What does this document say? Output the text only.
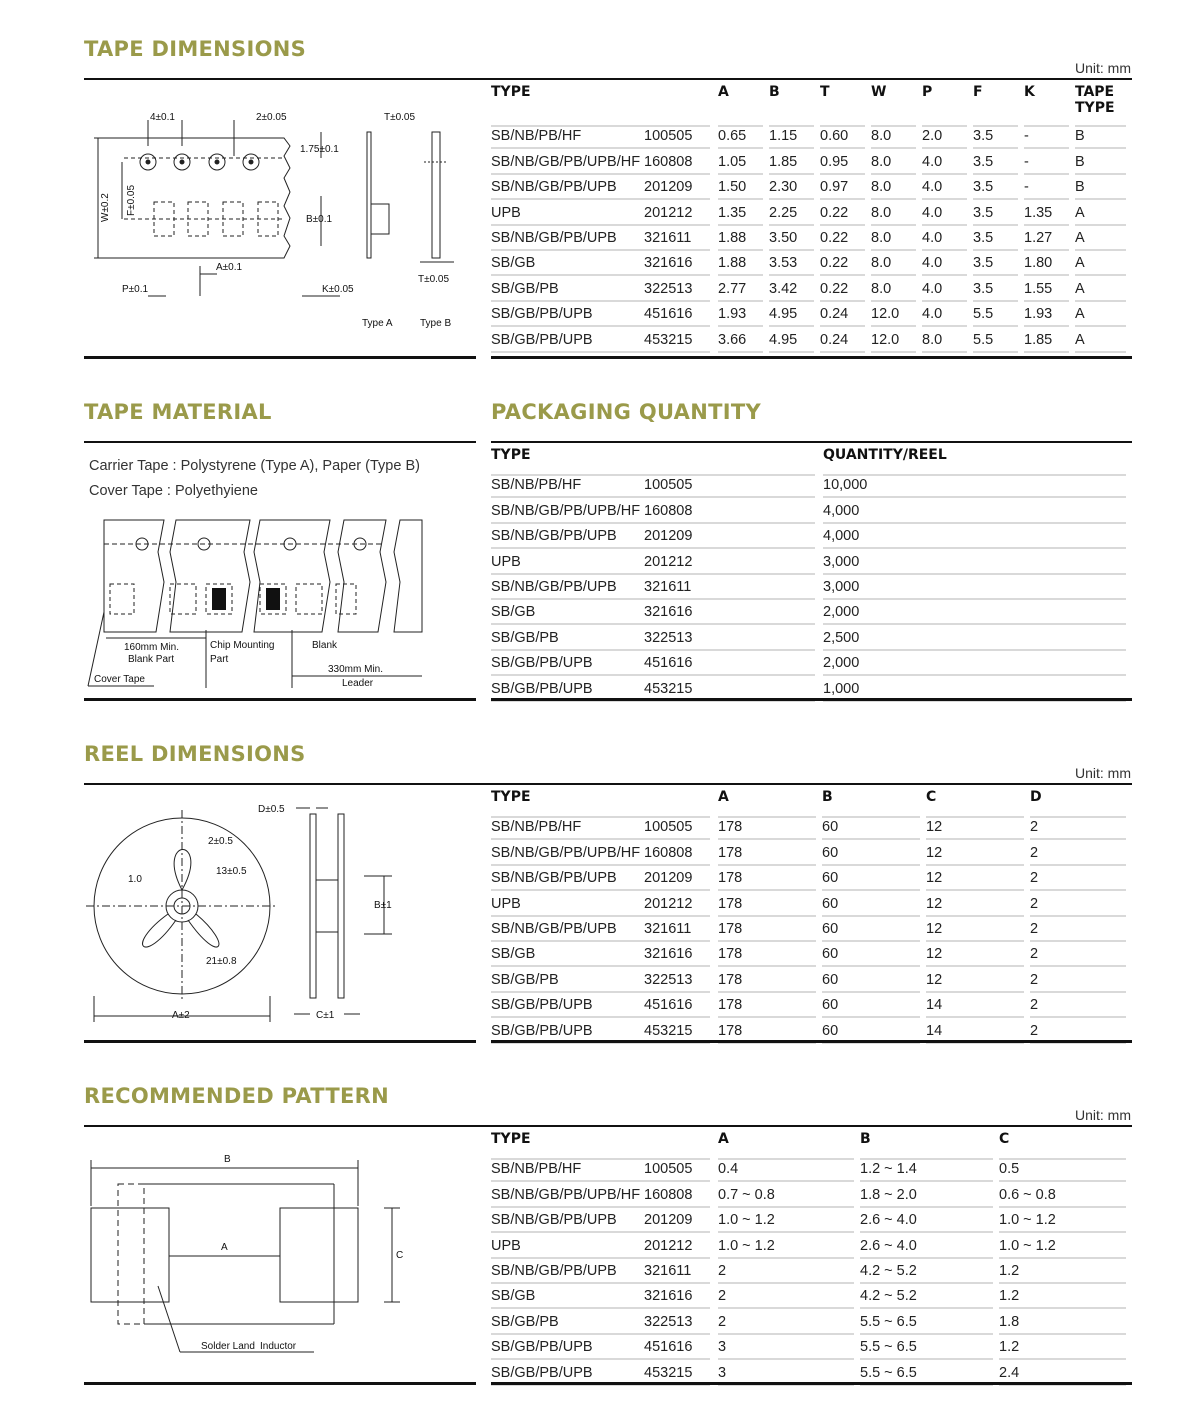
TAPE DIMENSIONS
Unit: mm
4±0.1	2±0.05	T±0.05
1.75±0.1
W±0.2 F±0.05
B±0.1
A±0.1
P±0.1	K±0.05
T±0.05
Type A	Type B
TYPE		A	B	T	W	P	F	K	TAPE TYPE

SB/NB/PB/HF	100505	0.65	1.15	0.60	8.0	2.0	3.5	-	B

SB/NB/GB/PB/UPB/HF	160808	1.05	1.85	0.95	8.0	4.0	3.5	-	B

SB/NB/GB/PB/UPB	201209	1.50	2.30	0.97	8.0	4.0	3.5	-	B

UPB	201212	1.35	2.25	0.22	8.0	4.0	3.5	1.35	A

SB/NB/GB/PB/UPB	321611	1.88	3.50	0.22	8.0	4.0	3.5	1.27	A

SB/GB	321616	1.88	3.53	0.22	8.0	4.0	3.5	1.80	A

SB/GB/PB	322513	2.77	3.42	0.22	8.0	4.0	3.5	1.55	A

SB/GB/PB/UPB	451616	1.93	4.95	0.24	12.0	4.0	5.5	1.93	A

SB/GB/PB/UPB	453215	3.66	4.95	0.24	12.0	8.0	5.5	1.85	A
TAPE MATERIAL
Carrier Tape : Polystyrene (Type A), Paper (Type B)
Cover Tape : Polyethyiene
160mm Min.
Blank Part
Chip Mounting
Part
Blank
330mm Min.
Leader
Cover Tape
PACKAGING QUANTITY
TYPE		QUANTITY/REEL

SB/NB/PB/HF	100505	10,000

SB/NB/GB/PB/UPB/HF	160808	4,000

SB/NB/GB/PB/UPB	201209	4,000

UPB	201212	3,000

SB/NB/GB/PB/UPB	321611	3,000

SB/GB	321616	2,000

SB/GB/PB	322513	2,500

SB/GB/PB/UPB	451616	2,000

SB/GB/PB/UPB	453215	1,000
REEL DIMENSIONS
Unit: mm
D±0.5
2±0.5
13±0.5
1.0
21±0.8
A±2
B±1
C±1
TYPE		A	B	C	D

SB/NB/PB/HF	100505	178	60	12	2

SB/NB/GB/PB/UPB/HF	160808	178	60	12	2

SB/NB/GB/PB/UPB	201209	178	60	12	2

UPB	201212	178	60	12	2

SB/NB/GB/PB/UPB	321611	178	60	12	2

SB/GB	321616	178	60	12	2

SB/GB/PB	322513	178	60	12	2

SB/GB/PB/UPB	451616	178	60	14	2

SB/GB/PB/UPB	453215	178	60	14	2
RECOMMENDED PATTERN
Unit: mm
B
A
C
Solder Land Inductor
TYPE		A	B	C

SB/NB/PB/HF	100505	0.4	1.2 ~ 1.4	0.5

SB/NB/GB/PB/UPB/HF	160808	0.7 ~ 0.8	1.8 ~ 2.0	0.6 ~ 0.8

SB/NB/GB/PB/UPB	201209	1.0 ~ 1.2	2.6 ~ 4.0	1.0 ~ 1.2

UPB	201212	1.0 ~ 1.2	2.6 ~ 4.0	1.0 ~ 1.2

SB/NB/GB/PB/UPB	321611	2	4.2 ~ 5.2	1.2

SB/GB	321616	2	4.2 ~ 5.2	1.2

SB/GB/PB	322513	2	5.5 ~ 6.5	1.8

SB/GB/PB/UPB	451616	3	5.5 ~ 6.5	1.2

SB/GB/PB/UPB	453215	3	5.5 ~ 6.5	2.4
